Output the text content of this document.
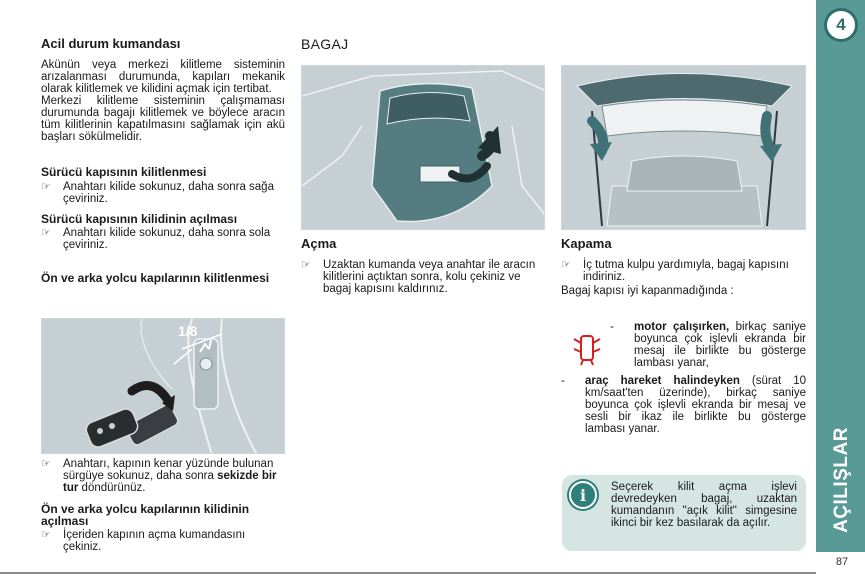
4
AÇILIŞLAR
87
Acil durum kumandası

Akünün veya merkezi kilitleme sisteminin arızalanması durumunda, kapıları mekanik olarak kilitlemek ve kilidini açmak için tertibat.

Merkezi kilitleme sisteminin çalışmaması durumunda bagajı kilitlemek ve böylece aracın tüm kilitlerinin kapatılmasını sağlamak için akü başları sökülmelidir.

Sürücü kapısının kilitlenmesi
☞ Anahtarı kilide sokunuz, daha sonra sağa çeviriniz.
Sürücü kapısının kilidinin açılması
☞ Anahtarı kilide sokunuz, daha sonra sola çeviriniz.
Ön ve arka yolcu kapılarının kilitlenmesi
1/8
☞ Anahtarı, kapının kenar yüzünde bulunan sürgüye sokunuz, daha sonra sekizde bir tur döndürünüz.
Ön ve arka yolcu kapılarının kilidinin açılması
☞ İçeriden kapının açma kumandasını çekiniz.
BAGAJ
Açma
☞ Uzaktan kumanda veya anahtar ile aracın kilitlerini açtıktan sonra, kolu çekiniz ve bagaj kapısını kaldırınız.
Kapama
☞ İç tutma kulpu yardımıyla, bagaj kapısını indiriniz.

Bagaj kapısı iyi kapanmadığında :

- motor çalışırken, birkaç saniye boyunca çok işlevli ekranda bir mesaj ile birlikte bu gösterge lambası yanar,
- araç hareket halindeyken (sürat 10 km/saat'ten üzerinde), birkaç saniye boyunca çok işlevli ekranda bir mesaj ve sesli bir ikaz ile birlikte bu gösterge lambası yanar.
i	Seçerek kilit açma işlevi devredeyken bagaj, uzaktan kumandanın "açık kilit" simgesine ikinci bir kez basılarak da açılır.
